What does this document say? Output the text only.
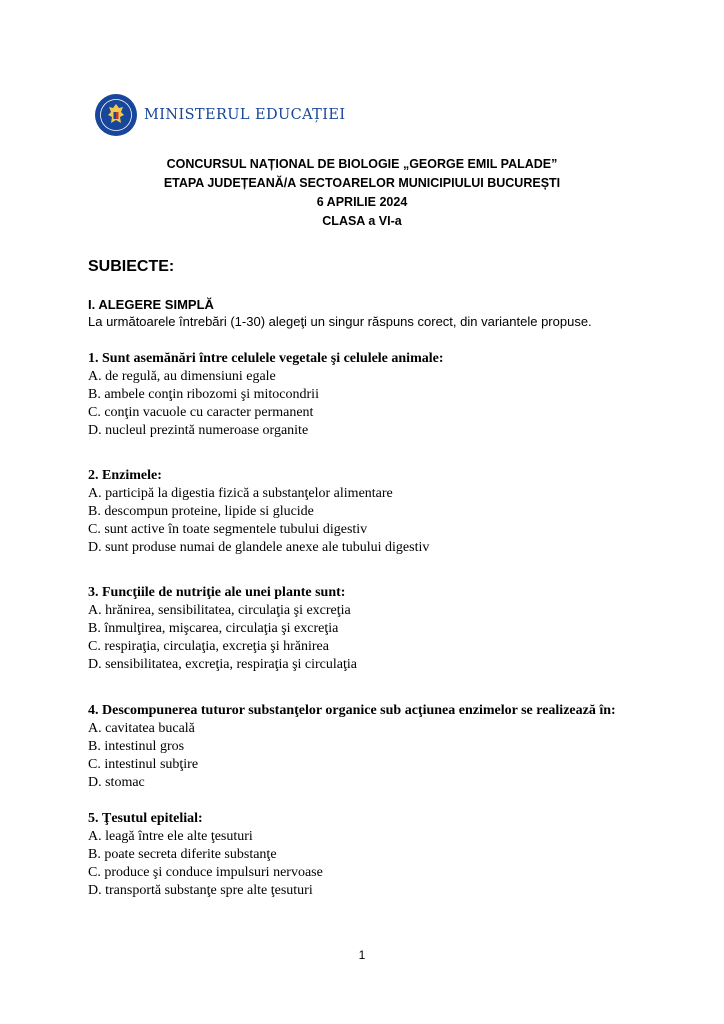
MINISTERUL EDUCAȚIEI
CONCURSUL NAȚIONAL DE BIOLOGIE „GEORGE EMIL PALADE”
ETAPA JUDEȚEANĂ/A SECTOARELOR MUNICIPIULUI BUCUREȘTI
6 APRILIE 2024
CLASA a VI-a
SUBIECTE:
I. ALEGERE SIMPLĂ
La următoarele întrebări (1-30) alegeţi un singur răspuns corect, din variantele propuse.
1. Sunt asemănări între celulele vegetale şi celulele animale:
A. de regulă, au dimensiuni egale
B. ambele conţin ribozomi şi mitocondrii
C. conţin vacuole cu caracter permanent
D. nucleul prezintă numeroase organite
2. Enzimele:
A. participă la digestia fizică a substanţelor alimentare
B. descompun proteine, lipide si glucide
C. sunt active în toate segmentele tubului digestiv
D. sunt produse numai de glandele anexe ale tubului digestiv
3. Funcţiile de nutriţie ale unei plante sunt:
A. hrănirea, sensibilitatea, circulaţia şi excreţia
B. înmulţirea, mişcarea, circulaţia şi excreţia
C. respiraţia, circulaţia, excreţia şi hrănirea
D. sensibilitatea, excreţia, respiraţia şi circulaţia
4. Descompunerea tuturor substanţelor organice sub acţiunea enzimelor se realizează în:
A. cavitatea bucală
B. intestinul gros
C. intestinul subţire
D. stomac
5. Ţesutul epitelial:
A. leagă între ele alte ţesuturi
B. poate secreta diferite substanţe
C. produce şi conduce impulsuri nervoase
D. transportă substanţe spre alte ţesuturi
1
